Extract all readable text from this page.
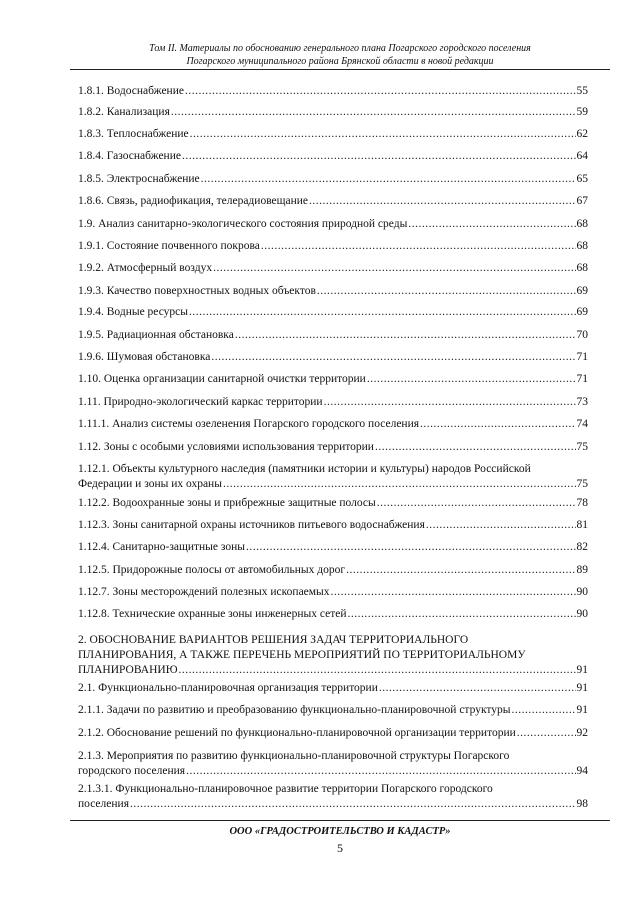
Том II. Материалы по обоснованию генерального плана Погарского городского поселения
Погарского муниципального района Брянской области в новой редакции
1.8.1. Водоснабжение .....	55
1.8.2. Канализация .....	59
1.8.3. Теплоснабжение .....	62
1.8.4. Газоснабжение .....	64
1.8.5. Электроснабжение .....	65
1.8.6. Связь, радиофикация, телерадиовещание .....	67
1.9. Анализ санитарно-экологического состояния природной среды .....	68
1.9.1. Состояние почвенного покрова .....	68
1.9.2. Атмосферный воздух .....	68
1.9.3. Качество поверхностных водных объектов .....	69
1.9.4. Водные ресурсы .....	69
1.9.5. Радиационная обстановка .....	70
1.9.6. Шумовая обстановка .....	71
1.10. Оценка организации санитарной очистки территории .....	71
1.11. Природно-экологический каркас территории .....	73
1.11.1. Анализ системы озеленения Погарского городского поселения .....	74
1.12. Зоны с особыми условиями использования территории .....	75
1.12.1. Объекты культурного наследия (памятники истории и культуры) народов Российской
Федерации и зоны их охраны .....	75
1.12.2. Водоохранные зоны и прибрежные защитные полосы .....	78
1.12.3. Зоны санитарной охраны источников питьевого водоснабжения .....	81
1.12.4. Санитарно-защитные зоны .....	82
1.12.5. Придорожные полосы от автомобильных дорог .....	89
1.12.7. Зоны месторождений полезных ископаемых .....	90
1.12.8. Технические охранные зоны инженерных сетей .....	90
2. ОБОСНОВАНИЕ ВАРИАНТОВ РЕШЕНИЯ ЗАДАЧ ТЕРРИТОРИАЛЬНОГО
ПЛАНИРОВАНИЯ, А ТАКЖЕ ПЕРЕЧЕНЬ МЕРОПРИЯТИЙ ПО ТЕРРИТОРИАЛЬНОМУ
ПЛАНИРОВАНИЮ .....	91
2.1. Функционально-планировочная организация территории .....	91
2.1.1. Задачи по развитию и преобразованию функционально-планировочной структуры .....	91
2.1.2. Обоснование решений по функционально-планировочной организации территории .....	92
2.1.3. Мероприятия по развитию функционально-планировочной структуры Погарского
городского поселения .....	94
2.1.3.1. Функционально-планировочное развитие территории Погарского городского
поселения .....	98
ООО «ГРАДОСТРОИТЕЛЬСТВО И КАДАСТР»
5
